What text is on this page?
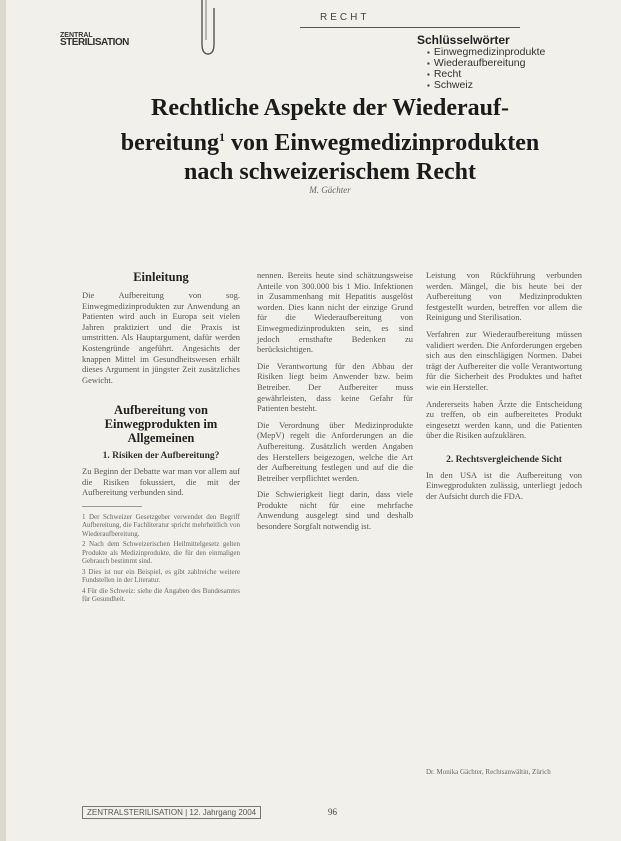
RECHT
ZENTRAL
STERILISATION	Schlüsselwörter
▪ Einwegmedizinprodukte
▪ Wiederaufbereitung
▪ Recht
▪ Schweiz
Rechtliche Aspekte der Wiederauf-
bereitung$^1$ von Einwegmedizinprodukten
nach schweizerischem Recht
M. Gächter
Einleitung

Die Aufbereitung von sog. Einwegmedizinprodukten zur Anwendung an Patienten wird auch in Europa seit vielen Jahren praktiziert und die Praxis ist umstritten. Als Hauptargument, dafür werden Kostengründe angeführt. Angesichts der knappen Mittel im Gesundheitswesen erhält dieses Argument in jüngster Zeit zusätzliches Gewicht.

Aufbereitung von Einwegprodukten im Allgemeinen
1. Risiken der Aufbereitung?

Zu Beginn der Debatte war man vor allem auf die Risiken fokussiert, die mit der Aufbereitung verbunden sind.

1 Der Schweizer Gesetzgeber verwendet den Begriff Aufbereitung, die Fachliteratur spricht mehrheitlich von Wiederaufbereitung.
2 Nach dem Schweizerischen Heilmittelgesetz gelten Produkte als Medizinprodukte, die für den einmaligen Gebrauch bestimmt sind.
3 Dies ist nur ein Beispiel, es gibt zahlreiche weitere Fundstellen in der Literatur.
4 Für die Schweiz: siehe die Angaben des Bundesamtes für Gesundheit.

nennen. Bereits heute sind schätzungsweise Anteile von 300.000 bis 1 Mio. Infektionen in Zusammenhang mit Hepatitis ausgelöst worden. Dies kann nicht der einzige Grund für die Wiederaufbereitung von Einwegmedizinprodukten sein, es sind jedoch ernsthafte Bedenken zu berücksichtigen.

Die Verantwortung für den Abbau der Risiken liegt beim Anwender bzw. beim Betreiber. Der Aufbereiter muss gewährleisten, dass keine Gefahr für Patienten besteht.

Die Verordnung über Medizinprodukte (MepV) regelt die Anforderungen an die Aufbereitung. Zusätzlich werden Angaben des Herstellers beigezogen, welche die Art der Aufbereitung festlegen und auf die die Betreiber verpflichtet werden.

Die Schwierigkeit liegt darin, dass viele Produkte nicht für eine mehrfache Anwendung ausgelegt sind und deshalb besondere Sorgfalt notwendig ist.

Leistung von Rückführung verbunden werden. Mängel, die bis heute bei der Aufbereitung von Medizinprodukten festgestellt wurden, betreffen vor allem die Reinigung und Sterilisation.

Verfahren zur Wiederaufbereitung müssen validiert werden. Die Anforderungen ergeben sich aus den einschlägigen Normen. Dabei trägt der Aufbereiter die volle Verantwortung für die Sicherheit des Produktes und haftet wie ein Hersteller.

Andererseits haben Ärzte die Entscheidung zu treffen, ob ein aufbereitetes Produkt eingesetzt werden kann, und die Patienten über die Risiken aufzuklären.

2. Rechtsvergleichende Sicht

In den USA ist die Aufbereitung von Einwegprodukten zulässig, unterliegt jedoch der Aufsicht durch die FDA.

Dr. Monika Gächter, Rechtsanwältin, Zürich
ZENTRALSTERILISATION | 12. Jahrgang 2004	96
